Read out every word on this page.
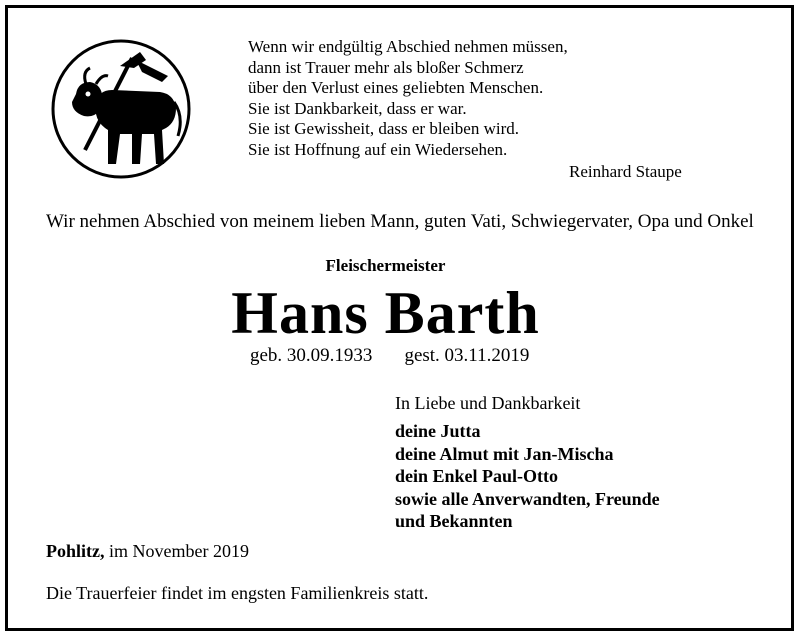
Wenn wir endgültig Abschied nehmen müssen,
dann ist Trauer mehr als bloßer Schmerz
über den Verlust eines geliebten Menschen.
Sie ist Dankbarkeit, dass er war.
Sie ist Gewissheit, dass er bleiben wird.
Sie ist Hoffnung auf ein Wiedersehen.
Reinhard Staupe
Wir nehmen Abschied von meinem lieben Mann, guten Vati, Schwiegervater, Opa und Onkel
Fleischermeister
Hans Barth
geb. 30.09.1933 gest. 03.11.2019
In Liebe und Dankbarkeit
deine Jutta
deine Almut mit Jan-Mischa
dein Enkel Paul-Otto
sowie alle Anverwandten, Freunde
und Bekannten
Pohlitz, im November 2019
Die Trauerfeier findet im engsten Familienkreis statt.
